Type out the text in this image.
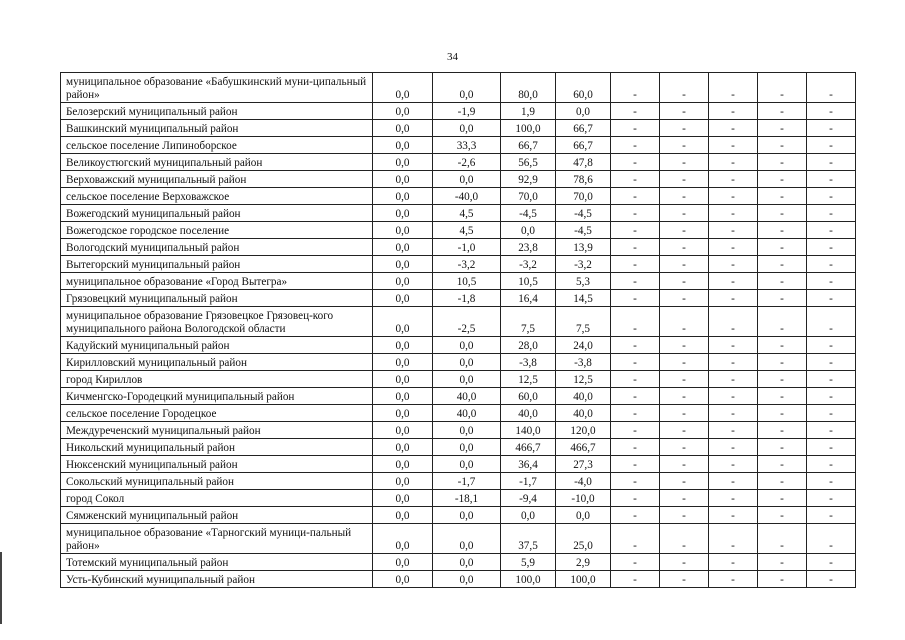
34
муниципальное образование «Бабушкинский муни-ципальный район»	0,0	0,0	80,0	60,0	-	-	-	-	-
Белозерский муниципальный район	0,0	-1,9	1,9	0,0	-	-	-	-	-
Вашкинский муниципальный район	0,0	0,0	100,0	66,7	-	-	-	-	-
сельское поселение Липиноборское	0,0	33,3	66,7	66,7	-	-	-	-	-
Великоустюгский муниципальный район	0,0	-2,6	56,5	47,8	-	-	-	-	-
Верховажский муниципальный район	0,0	0,0	92,9	78,6	-	-	-	-	-
сельское поселение Верховажское	0,0	-40,0	70,0	70,0	-	-	-	-	-
Вожегодский муниципальный район	0,0	4,5	-4,5	-4,5	-	-	-	-	-
Вожегодское городское поселение	0,0	4,5	0,0	-4,5	-	-	-	-	-
Вологодский муниципальный район	0,0	-1,0	23,8	13,9	-	-	-	-	-
Вытегорский муниципальный район	0,0	-3,2	-3,2	-3,2	-	-	-	-	-
муниципальное образование «Город Вытегра»	0,0	10,5	10,5	5,3	-	-	-	-	-
Грязовецкий муниципальный район	0,0	-1,8	16,4	14,5	-	-	-	-	-
муниципальное образование Грязовецкое Грязовец-кого муниципального района Вологодской области	0,0	-2,5	7,5	7,5	-	-	-	-	-
Кадуйский муниципальный район	0,0	0,0	28,0	24,0	-	-	-	-	-
Кирилловский муниципальный район	0,0	0,0	-3,8	-3,8	-	-	-	-	-
город Кириллов	0,0	0,0	12,5	12,5	-	-	-	-	-
Кичменгско-Городецкий муниципальный район	0,0	40,0	60,0	40,0	-	-	-	-	-
сельское поселение Городецкое	0,0	40,0	40,0	40,0	-	-	-	-	-
Междуреченский муниципальный район	0,0	0,0	140,0	120,0	-	-	-	-	-
Никольский муниципальный район	0,0	0,0	466,7	466,7	-	-	-	-	-
Нюксенский муниципальный район	0,0	0,0	36,4	27,3	-	-	-	-	-
Сокольский муниципальный район	0,0	-1,7	-1,7	-4,0	-	-	-	-	-
город Сокол	0,0	-18,1	-9,4	-10,0	-	-	-	-	-
Сямженский муниципальный район	0,0	0,0	0,0	0,0	-	-	-	-	-
муниципальное образование «Тарногский муници-пальный район»	0,0	0,0	37,5	25,0	-	-	-	-	-
Тотемский муниципальный район	0,0	0,0	5,9	2,9	-	-	-	-	-
Усть-Кубинский муниципальный район	0,0	0,0	100,0	100,0	-	-	-	-	-
